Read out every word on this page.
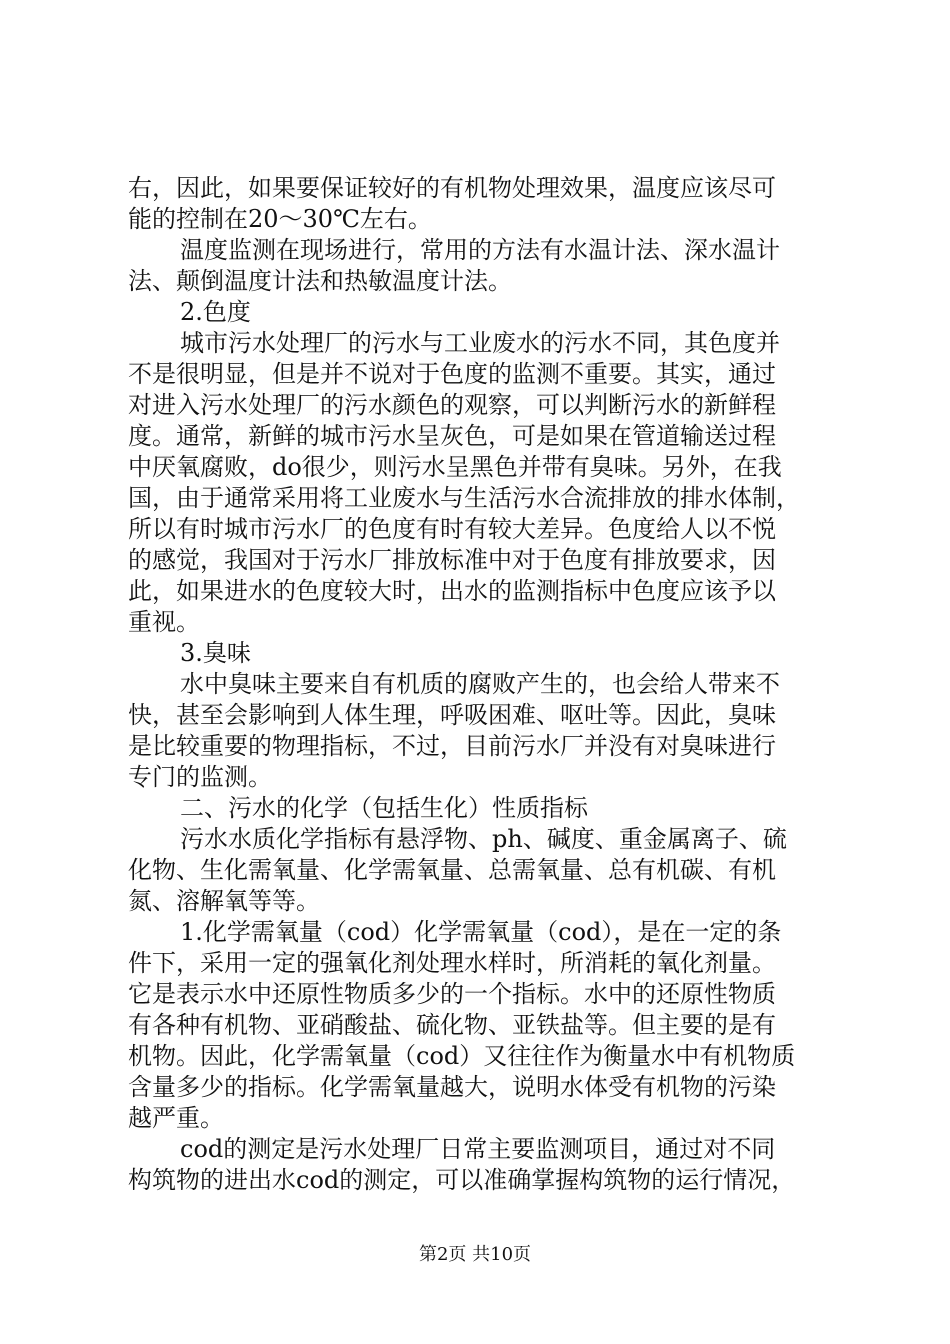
右，因此，如果要保证较好的有机物处理效果，温度应该尽可
能的控制在20～30℃左右。
温度监测在现场进行，常用的方法有水温计法、深水温计
法、颠倒温度计法和热敏温度计法。
2.色度
城市污水处理厂的污水与工业废水的污水不同，其色度并
不是很明显，但是并不说对于色度的监测不重要。其实，通过
对进入污水处理厂的污水颜色的观察，可以判断污水的新鲜程
度。通常，新鲜的城市污水呈灰色，可是如果在管道输送过程
中厌氧腐败，do很少，则污水呈黑色并带有臭味。另外，在我
国，由于通常采用将工业废水与生活污水合流排放的排水体制，
所以有时城市污水厂的色度有时有较大差异。色度给人以不悦
的感觉，我国对于污水厂排放标准中对于色度有排放要求，因
此，如果进水的色度较大时，出水的监测指标中色度应该予以
重视。
3.臭味
水中臭味主要来自有机质的腐败产生的，也会给人带来不
快，甚至会影响到人体生理，呼吸困难、呕吐等。因此，臭味
是比较重要的物理指标，不过，目前污水厂并没有对臭味进行
专门的监测。
二、污水的化学（包括生化）性质指标
污水水质化学指标有悬浮物、ph、碱度、重金属离子、硫
化物、生化需氧量、化学需氧量、总需氧量、总有机碳、有机
氮、溶解氧等等。
1.化学需氧量（cod）化学需氧量（cod），是在一定的条
件下，采用一定的强氧化剂处理水样时，所消耗的氧化剂量。
它是表示水中还原性物质多少的一个指标。水中的还原性物质
有各种有机物、亚硝酸盐、硫化物、亚铁盐等。但主要的是有
机物。因此，化学需氧量（cod）又往往作为衡量水中有机物质
含量多少的指标。化学需氧量越大，说明水体受有机物的污染
越严重。
cod的测定是污水处理厂日常主要监测项目，通过对不同
构筑物的进出水cod的测定，可以准确掌握构筑物的运行情况，
第2页 共10页
